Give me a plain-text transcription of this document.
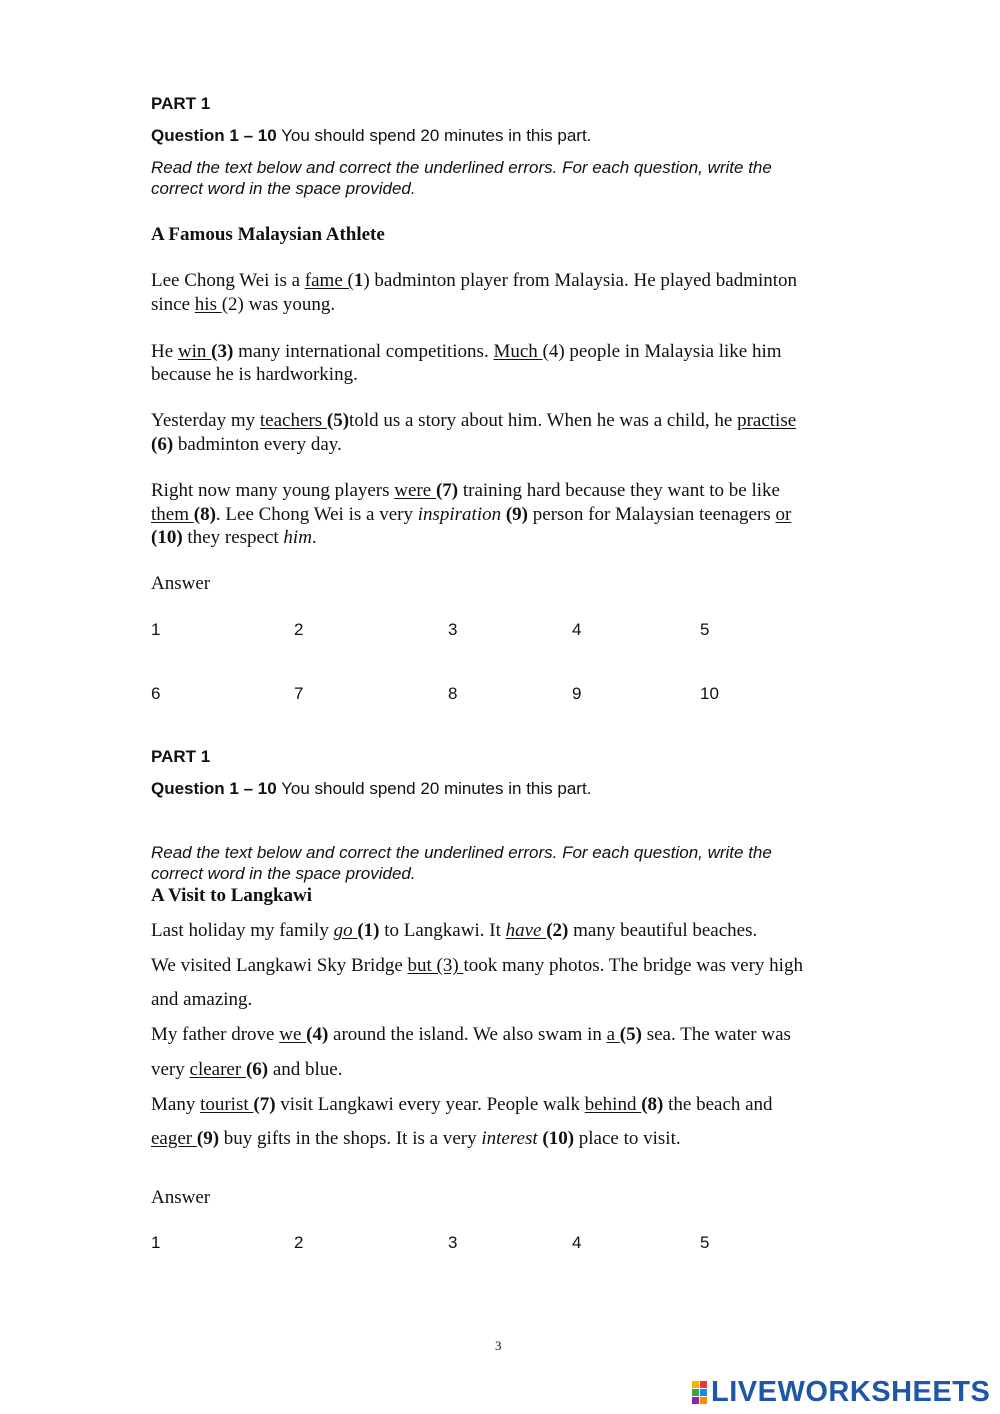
PART 1
Question 1 – 10 You should spend 20 minutes in this part.
Read the text below and correct the underlined errors. For each question, write the
correct word in the space provided.
A Famous Malaysian Athlete
Lee Chong Wei is a fame (1) badminton player from Malaysia. He played badminton
since his (2) was young.
He win (3) many international competitions. Much (4) people in Malaysia like him
because he is hardworking.
Yesterday my teachers (5)told us a story about him. When he was a child, he practise
(6) badminton every day.
Right now many young players were (7) training hard because they want to be like
them (8). Lee Chong Wei is a very inspiration (9) person for Malaysian teenagers or
(10) they respect him.
Answer
1	2	3	4	5
6	7	8	9	10
PART 1
Question 1 – 10 You should spend 20 minutes in this part.
Read the text below and correct the underlined errors. For each question, write the
correct word in the space provided.
A Visit to Langkawi
Last holiday my family go (1) to Langkawi. It have (2) many beautiful beaches.
We visited Langkawi Sky Bridge but (3) took many photos. The bridge was very high
and amazing.
My father drove we (4) around the island. We also swam in a (5) sea. The water was
very clearer (6) and blue.
Many tourist (7) visit Langkawi every year. People walk behind (8) the beach and
eager (9) buy gifts in the shops. It is a very interest (10) place to visit.
Answer
1	2	3	4	5
3
LIVEWORKSHEETS
